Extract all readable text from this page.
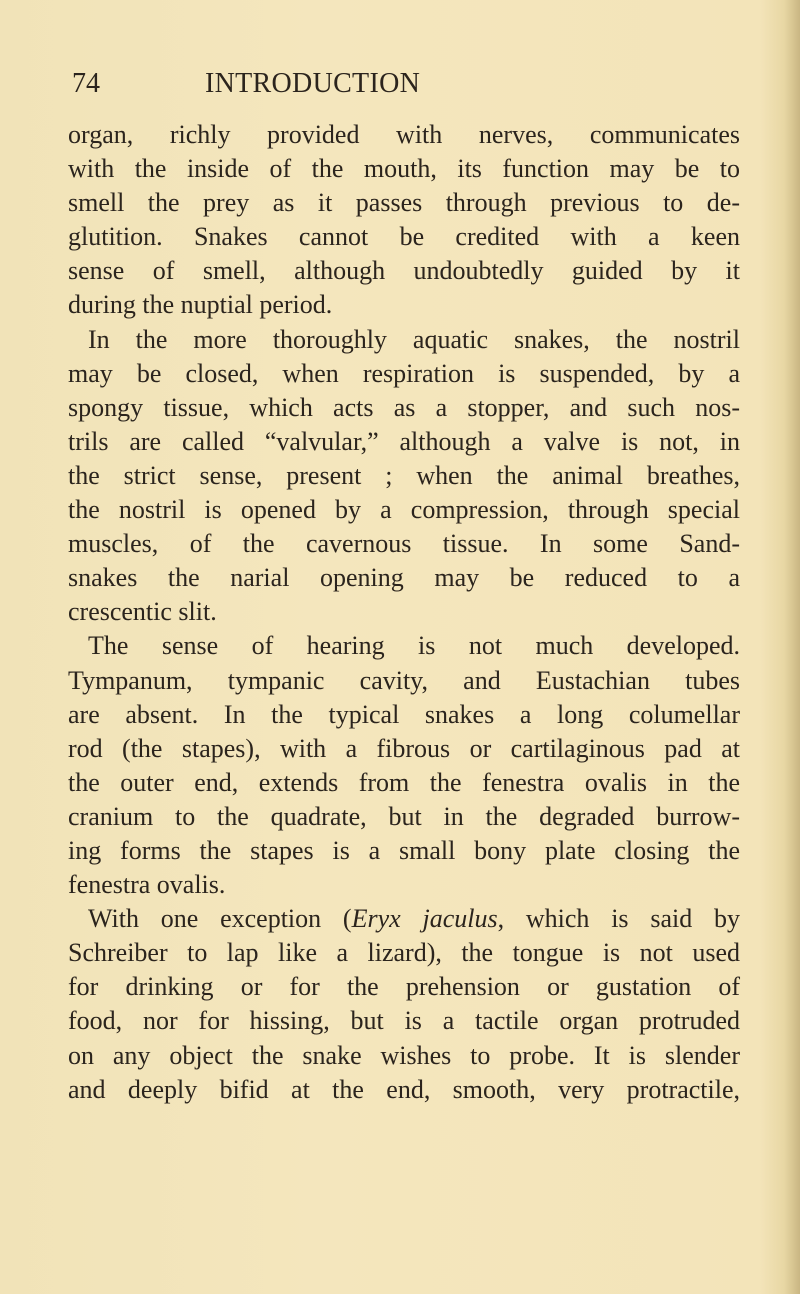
74	INTRODUCTION
organ, richly provided with nerves, communicates
with the inside of the mouth, its function may be to
smell the prey as it passes through previous to de-
glutition. Snakes cannot be credited with a keen
sense of smell, although undoubtedly guided by it
during the nuptial period.
In the more thoroughly aquatic snakes, the nostril
may be closed, when respiration is suspended, by a
spongy tissue, which acts as a stopper, and such nos-
trils are called “valvular,” although a valve is not, in
the strict sense, present ; when the animal breathes,
the nostril is opened by a compression, through special
muscles, of the cavernous tissue. In some Sand-
snakes the narial opening may be reduced to a
crescentic slit.
The sense of hearing is not much developed.
Tympanum, tympanic cavity, and Eustachian tubes
are absent. In the typical snakes a long columellar
rod (the stapes), with a fibrous or cartilaginous pad at
the outer end, extends from the fenestra ovalis in the
cranium to the quadrate, but in the degraded burrow-
ing forms the stapes is a small bony plate closing the
fenestra ovalis.
With one exception (Eryx jaculus, which is said by
Schreiber to lap like a lizard), the tongue is not used
for drinking or for the prehension or gustation of
food, nor for hissing, but is a tactile organ protruded
on any object the snake wishes to probe. It is slender
and deeply bifid at the end, smooth, very protractile,
